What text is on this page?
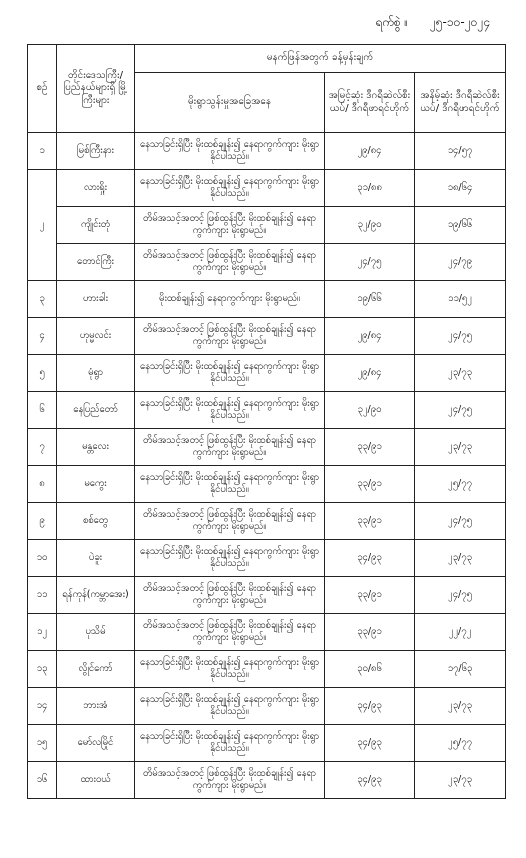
ရက်စွဲ ။ ၂၅-၁၀-၂၀၂၄
စဉ်	တိုင်းဒေသကြီး/ ပြည်နယ်များရှိ မြို့ကြီးများ	မနက်ဖြန်အတွက် ခန့်မှန်းချက်		
		မိုးရွာသွန်းမှုအခြေအနေ	အမြင့်ဆုံး ဒီဂရီဆဲလ်စီးယပ်/ ဒီဂရီဖာရင်ဟိုက်	အနိမ့်ဆုံး ဒီဂရီဆဲလ်စီးယပ်/ ဒီဂရီဖာရင်ဟိုက်
၁	မြစ်ကြီးနား	နေသာခြင်းရှိပြီး မိုးထစ်ချုန်း၍ နေရာကွက်ကျား မိုးရွာနိုင်ပါသည်။	၂၉/၈၄	၁၄/၅၇
၂	လားရှိုး	နေသာခြင်းရှိပြီး မိုးထစ်ချုန်း၍ နေရာကွက်ကျား မိုးရွာနိုင်ပါသည်။	၃၁/၈၈	၁၈/၆၄
	ကျိုင်းတုံ	တိမ်အသင့်အတင့် ဖြစ်ထွန်းပြီး မိုးထစ်ချုန်း၍ နေရာကွက်ကျား မိုးရွာမည်။	၃၂/၉၀	၁၉/၆၆
	တောင်ကြီး	တိမ်အသင့်အတင့် ဖြစ်ထွန်းပြီး မိုးထစ်ချုန်း၍ နေရာကွက်ကျား မိုးရွာမည်။	၂၄/၇၅	၂၄/၇၉
၃	ဟားခါး	မိုးထစ်ချုန်း၍ နေရာကွက်ကျား မိုးရွာမည်။	၁၉/၆၆	၁၁/၅၂
၄	ဟုမ္မလင်း	တိမ်အသင့်အတင့် ဖြစ်ထွန်းပြီး မိုးထစ်ချုန်း၍ နေရာကွက်ကျား မိုးရွာမည်။	၂၉/၈၄	၂၄/၇၅
၅	မုံရွာ	နေသာခြင်းရှိပြီး မိုးထစ်ချုန်း၍ နေရာကွက်ကျား မိုးရွာနိုင်ပါသည်။	၂၉/၈၄	၂၃/၇၃
၆	နေပြည်တော်	နေသာခြင်းရှိပြီး မိုးထစ်ချုန်း၍ နေရာကွက်ကျား မိုးရွာနိုင်ပါသည်။	၃၂/၉၀	၂၄/၇၅
၇	မန္တလေး	တိမ်အသင့်အတင့် ဖြစ်ထွန်းပြီး မိုးထစ်ချုန်း၍ နေရာကွက်ကျား မိုးရွာမည်။	၃၃/၉၁	၂၃/၇၃
၈	မကွေး	နေသာခြင်းရှိပြီး မိုးထစ်ချုန်း၍ နေရာကွက်ကျား မိုးရွာနိုင်ပါသည်။	၃၃/၉၁	၂၅/၇၇
၉	စစ်တွေ	တိမ်အသင့်အတင့် ဖြစ်ထွန်းပြီး မိုးထစ်ချုန်း၍ နေရာကွက်ကျား မိုးရွာမည်။	၃၃/၉၁	၂၄/၇၅
၁၀	ပဲခူး	နေသာခြင်းရှိပြီး မိုးထစ်ချုန်း၍ နေရာကွက်ကျား မိုးရွာနိုင်ပါသည်။	၃၄/၉၃	၂၃/၇၃
၁၁	ရန်ကုန်(ကမ္ဘာအေး)	တိမ်အသင့်အတင့် ဖြစ်ထွန်းပြီး မိုးထစ်ချုန်း၍ နေရာကွက်ကျား မိုးရွာမည်။	၃၃/၉၁	၂၄/၇၅
၁၂	ပုသိမ်	တိမ်အသင့်အတင့် ဖြစ်ထွန်းပြီး မိုးထစ်ချုန်း၍ နေရာကွက်ကျား မိုးရွာမည်။	၃၃/၉၁	၂၂/၇၂
၁၃	လွိုင်ကော်	နေသာခြင်းရှိပြီး မိုးထစ်ချုန်း၍ နေရာကွက်ကျား မိုးရွာနိုင်ပါသည်။	၃၀/၈၆	၁၇/၆၃
၁၄	ဘားအံ	နေသာခြင်းရှိပြီး မိုးထစ်ချုန်း၍ နေရာကွက်ကျား မိုးရွာနိုင်ပါသည်။	၃၄/၉၃	၂၃/၇၃
၁၅	မော်လမြိုင်	နေသာခြင်းရှိပြီး မိုးထစ်ချုန်း၍ နေရာကွက်ကျား မိုးရွာနိုင်ပါသည်။	၃၄/၉၃	၂၅/၇၇
၁၆	ထားဝယ်	တိမ်အသင့်အတင့် ဖြစ်ထွန်းပြီး မိုးထစ်ချုန်း၍ နေရာကွက်ကျား မိုးရွာမည်။	၃၄/၉၃	၂၃/၇၃
